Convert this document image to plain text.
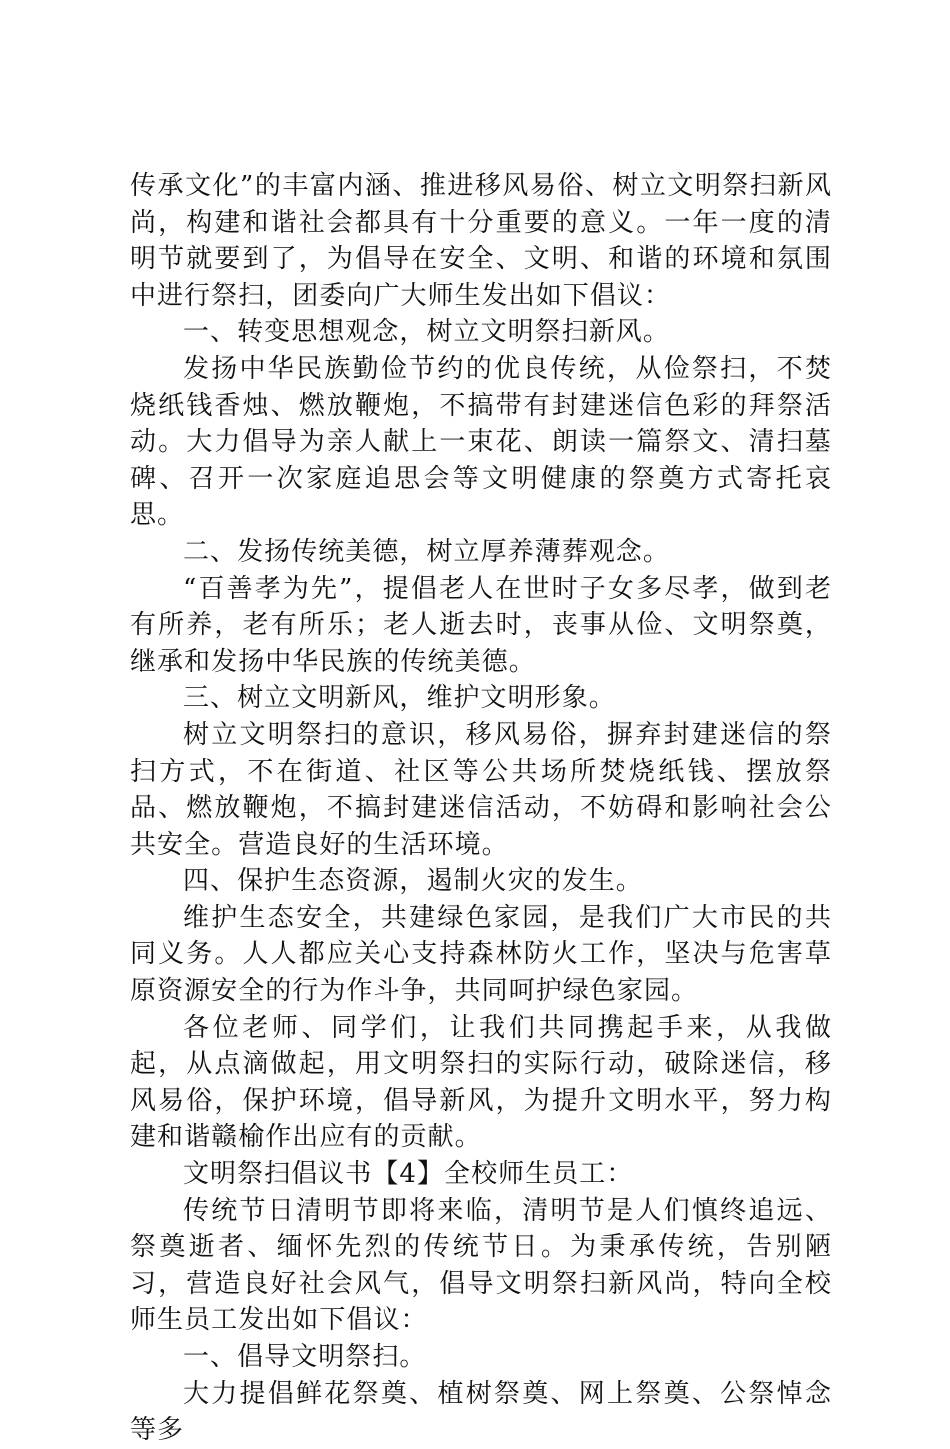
传承文化”的丰富内涵、推进移风易俗、树立文明祭扫新风尚，构建和谐社会都具有十分重要的意义。一年一度的清明节就要到了，为倡导在安全、文明、和谐的环境和氛围中进行祭扫，团委向广大师生发出如下倡议：

一、转变思想观念，树立文明祭扫新风。

发扬中华民族勤俭节约的优良传统，从俭祭扫，不焚烧纸钱香烛、燃放鞭炮，不搞带有封建迷信色彩的拜祭活动。大力倡导为亲人献上一束花、朗读一篇祭文、清扫墓碑、召开一次家庭追思会等文明健康的祭奠方式寄托哀思。

二、发扬传统美德，树立厚养薄葬观念。

“百善孝为先”，提倡老人在世时子女多尽孝，做到老有所养，老有所乐；老人逝去时，丧事从俭、文明祭奠，继承和发扬中华民族的传统美德。

三、树立文明新风，维护文明形象。

树立文明祭扫的意识，移风易俗，摒弃封建迷信的祭扫方式，不在街道、社区等公共场所焚烧纸钱、摆放祭品、燃放鞭炮，不搞封建迷信活动，不妨碍和影响社会公共安全。营造良好的生活环境。

四、保护生态资源，遏制火灾的发生。

维护生态安全，共建绿色家园，是我们广大市民的共同义务。人人都应关心支持森林防火工作，坚决与危害草原资源安全的行为作斗争，共同呵护绿色家园。

各位老师、同学们，让我们共同携起手来，从我做起，从点滴做起，用文明祭扫的实际行动，破除迷信，移风易俗，保护环境，倡导新风，为提升文明水平，努力构建和谐赣榆作出应有的贡献。

文明祭扫倡议书【4】全校师生员工：

传统节日清明节即将来临，清明节是人们慎终追远、祭奠逝者、缅怀先烈的传统节日。为秉承传统，告别陋习，营造良好社会风气，倡导文明祭扫新风尚，特向全校师生员工发出如下倡议：

一、倡导文明祭扫。

大力提倡鲜花祭奠、植树祭奠、网上祭奠、公祭悼念等多
